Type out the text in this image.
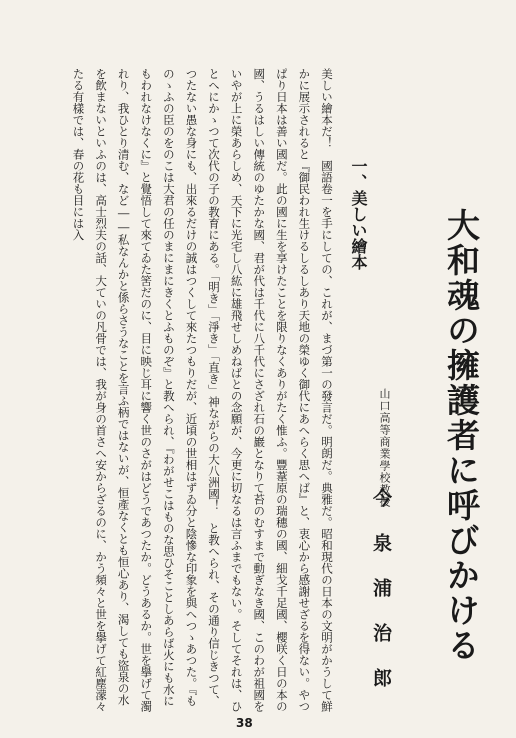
大和魂の擁護者に呼びかける
山口高等商業學校教授
今泉浦治郎
一、美しい繪本
美しい繪本だ！　國語卷一を手にしての、これが、まづ第一の發言だ。明朗だ。典雅だ。昭和現代の日本の文明がかうして鮮かに展示されると『御民われ生けるしるしあり天地の榮ゆく御代にあへらく思へば』と、衷心から感謝せざるを得ない。やつぱり日本は善い國だ。此の國に生を享けたことを限りなくありがたく惟ふ。豐葦原の瑞穗の國、細戈千足國、櫻咲く日の本の國、うるはしい傳統のゆたかな國、君が代は千代に八千代にさざれ石の巖となりて苔のむすまで動ぎなき國、このわが祖國をいやが上に榮あらしめ、天下に光宅し八紘に雄飛せしめねばとの念願が、今更に切なるは言ふまでもない。そしてそれは、ひとへにかゝつて次代の子の教育にある。「明き」「淨き」「直き」神ながらの大八洲國！　と教へられ、その通り信じきつて、つたない愚な身にも、出來るだけの誠はつくして來たつもりだが、近頃の世相はずゐ分と陰慘な印象を與へつゝあつた。『ものゝふの臣のをのこは大君の任のまにまにきくとふものぞ』と教へられ、『わがせこはものな思ひそことしあらば火にも水にもわれなけなくに』と覺悟して來てゐた筈だのに、目に映じ耳に響く世のさがはどうであつたか。どうあるか。世を擧げて濁れり、我ひとり清む、など――私なんかと係らさうなことを言ふ柄ではないが、恒產なくとも恒心あり、渴しても盜泉の水を飲まないといふのは、高士烈夫の話、大ていの凡骨では、我が身の首さへ安からざるのに、かう頻々と世を擧げて紅塵濛々たる有樣では、春の花も目には入
38
